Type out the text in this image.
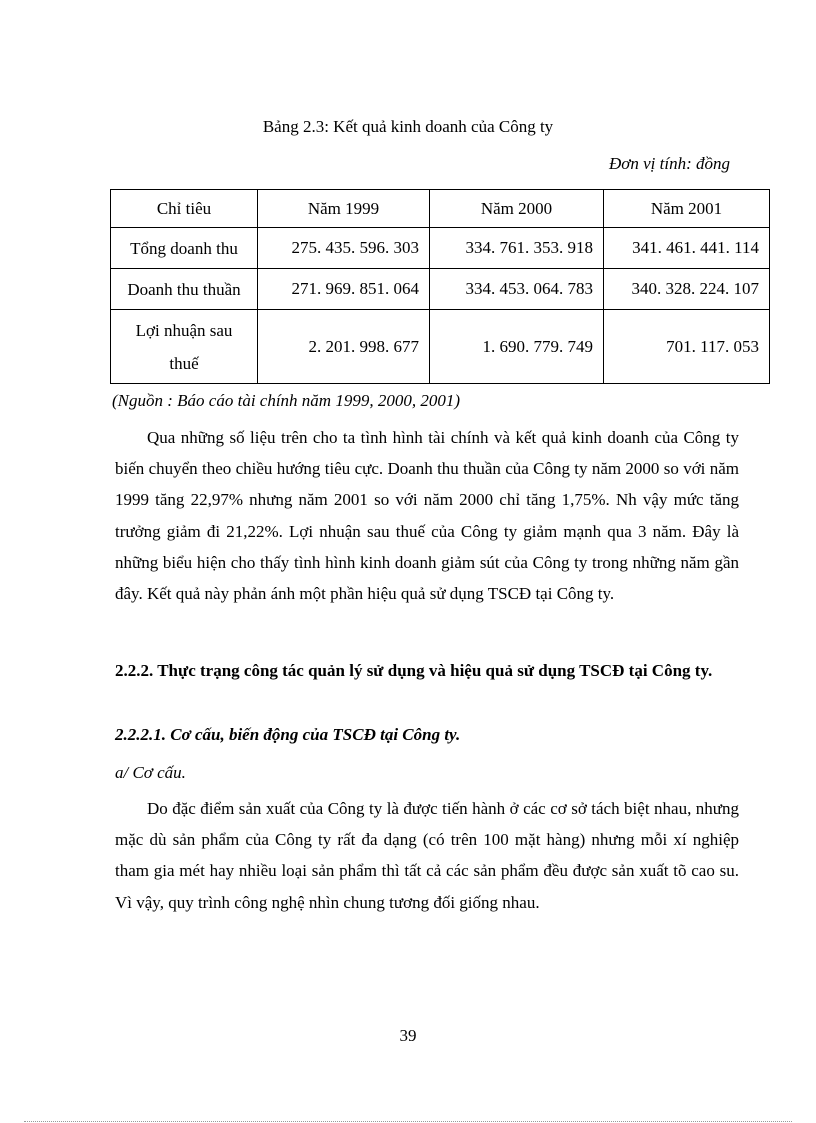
Bảng 2.3: Kết quả kinh doanh của Công ty
Đơn vị tính: đồng
Chỉ tiêu	Năm 1999	Năm 2000	Năm 2001
Tổng doanh thu	275. 435. 596. 303	334. 761. 353. 918	341. 461. 441. 114
Doanh thu thuần	271. 969. 851. 064	334. 453. 064. 783	340. 328. 224. 107
Lợi nhuận sau thuế	2. 201. 998. 677	1. 690. 779. 749	701. 117. 053
(Nguồn : Báo cáo tài chính năm 1999, 2000, 2001)

Qua những số liệu trên cho ta tình hình tài chính và kết quả kinh doanh của Công ty biến chuyển theo chiều hướng tiêu cực. Doanh thu thuần của Công ty năm 2000 so với năm 1999 tăng 22,97% nhưng năm 2001 so với năm 2000 chỉ tăng 1,75%. Nh vậy mức tăng trưởng giảm đi 21,22%. Lợi nhuận sau thuế của Công ty giảm mạnh qua 3 năm. Đây là những biểu hiện cho thấy tình hình kinh doanh giảm sút của Công ty trong những năm gần đây. Kết quả này phản ánh một phần hiệu quả sử dụng TSCĐ tại Công ty.

2.2.2. Thực trạng công tác quản lý sử dụng và hiệu quả sử dụng TSCĐ tại Công ty.

2.2.2.1. Cơ cấu, biến động của TSCĐ tại Công ty.

a/ Cơ cấu.

Do đặc điểm sản xuất của Công ty là được tiến hành ở các cơ sở tách biệt nhau, nhưng mặc dù sản phẩm của Công ty rất đa dạng (có trên 100 mặt hàng) nhưng mỗi xí nghiệp tham gia mét hay nhiều loại sản phẩm thì tất cả các sản phẩm đều được sản xuất tõ cao su. Vì vậy, quy trình công nghệ nhìn chung tương đối giống nhau.

39
